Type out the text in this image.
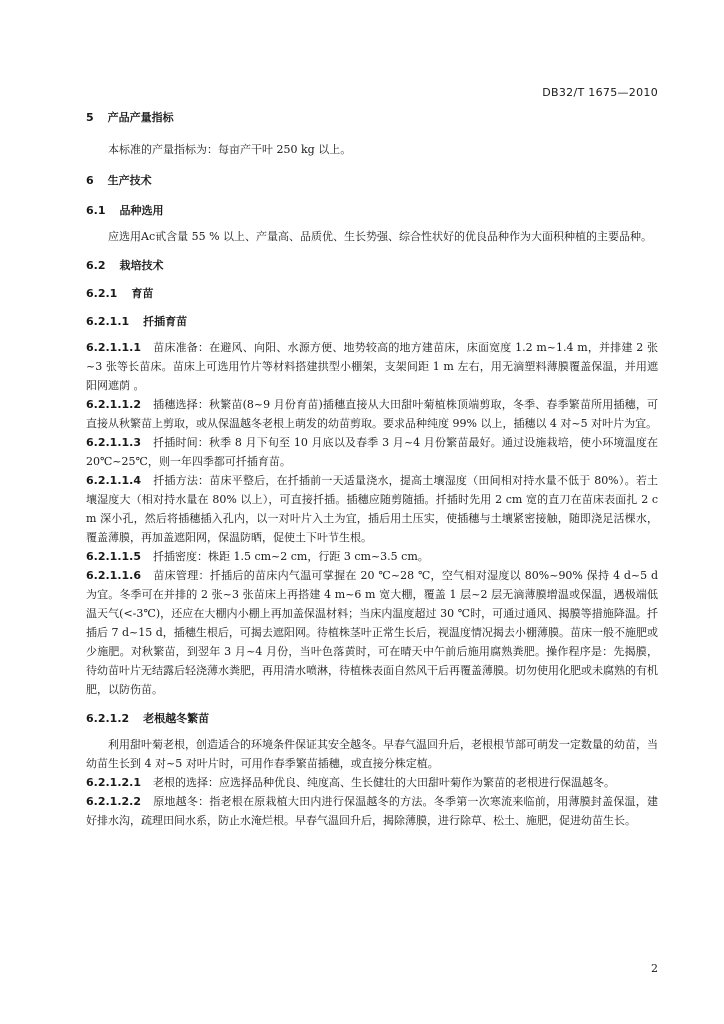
DB32/T 1675—2010
5 产品产量指标

本标准的产量指标为：每亩产干叶 250 kg 以上。

6 生产技术
6.1 品种选用

应选用Ac甙含量 55 % 以上、产量高、品质优、生长势强、综合性状好的优良品种作为大面积种植的主要品种。

6.2 栽培技术
6.2.1 育苗
6.2.1.1 扦插育苗

6.2.1.1.1 苗床准备：在避风、向阳、水源方便、地势较高的地方建苗床，床面宽度 1.2 m~1.4 m，并排建 2 张~3 张等长苗床。苗床上可选用竹片等材料搭建拱型小棚架，支架间距 1 m 左右，用无滴塑料薄膜覆盖保温，并用遮阳网遮荫 。

6.2.1.1.2 插穗选择：秋繁苗(8~9 月份育苗)插穗直接从大田甜叶菊植株顶端剪取，冬季、春季繁苗所用插穗，可直接从秋繁苗上剪取，或从保温越冬老根上萌发的幼苗剪取。要求品种纯度 99% 以上，插穗以 4 对~5 对叶片为宜。

6.2.1.1.3 扦插时间：秋季 8 月下旬至 10 月底以及春季 3 月~4 月份繁苗最好。通过设施栽培，使小环境温度在 20℃~25℃，则一年四季都可扦插育苗。

6.2.1.1.4 扦插方法：苗床平整后，在扦插前一天适量浇水，提高土壤湿度（田间相对持水量不低于 80%）。若土壤湿度大（相对持水量在 80% 以上），可直接扦插。插穗应随剪随插。扦插时先用 2 cm 宽的直刀在苗床表面扎 2 cm 深小孔，然后将插穗插入孔内，以一对叶片入土为宜，插后用土压实，使插穗与土壤紧密接触，随即浇足活棵水，覆盖薄膜，再加盖遮阳网，保温防晒，促使土下叶节生根。

6.2.1.1.5 扦插密度：株距 1.5 cm~2 cm，行距 3 cm~3.5 cm。

6.2.1.1.6 苗床管理：扦插后的苗床内气温可掌握在 20 ℃~28 ℃，空气相对湿度以 80%~90% 保持 4 d~5 d 为宜。冬季可在并排的 2 张~3 张苗床上再搭建 4 m~6 m 宽大棚，覆盖 1 层~2 层无滴薄膜增温或保温，遇极端低温天气(<-3℃)，还应在大棚内小棚上再加盖保温材料；当床内温度超过 30 ℃时，可通过通风、揭膜等措施降温。扦插后 7 d~15 d，插穗生根后，可揭去遮阳网。待植株茎叶正常生长后，视温度情况揭去小棚薄膜。苗床一般不施肥或少施肥。对秋繁苗，到翌年 3 月~4 月份，当叶色落黄时，可在晴天中午前后施用腐熟粪肥。操作程序是：先揭膜，待幼苗叶片无结露后轻浇薄水粪肥，再用清水喷淋，待植株表面自然风干后再覆盖薄膜。切勿使用化肥或未腐熟的有机肥，以防伤苗。

6.2.1.2 老根越冬繁苗

利用甜叶菊老根，创造适合的环境条件保证其安全越冬。早春气温回升后，老根根节部可萌发一定数量的幼苗，当幼苗生长到 4 对~5 对叶片时，可用作春季繁苗插穗，或直接分株定植。

6.2.1.2.1 老根的选择：应选择品种优良、纯度高、生长健壮的大田甜叶菊作为繁苗的老根进行保温越冬。

6.2.1.2.2 原地越冬：指老根在原栽植大田内进行保温越冬的方法。冬季第一次寒流来临前，用薄膜封盖保温，建好排水沟，疏理田间水系，防止水淹烂根。早春气温回升后，揭除薄膜，进行除草、松土、施肥，促进幼苗生长。

2
